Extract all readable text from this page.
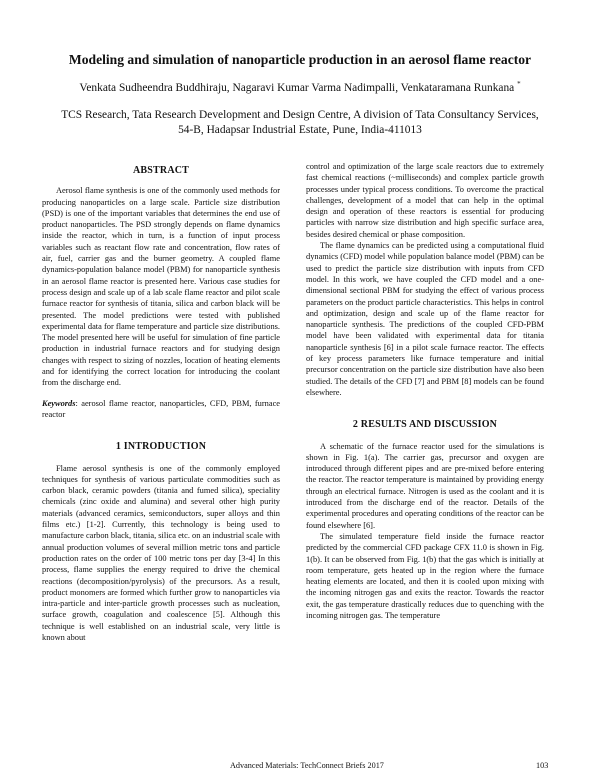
Modeling and simulation of nanoparticle production in an aerosol flame reactor
Venkata Sudheendra Buddhiraju, Nagaravi Kumar Varma Nadimpalli, Venkataramana Runkana *
TCS Research, Tata Research Development and Design Centre, A division of Tata Consultancy Services,
54-B, Hadapsar Industrial Estate, Pune, India-411013
ABSTRACT

Aerosol flame synthesis is one of the commonly used methods for producing nanoparticles on a large scale. Particle size distribution (PSD) is one of the important variables that determines the end use of product nanoparticles. The PSD strongly depends on flame dynamics inside the reactor, which in turn, is a function of input process variables such as reactant flow rate and concentration, flow rates of air, fuel, carrier gas and the burner geometry. A coupled flame dynamics-population balance model (PBM) for nanoparticle synthesis in an aerosol flame reactor is presented here. Various case studies for process design and scale up of a lab scale flame reactor and pilot scale furnace reactor for synthesis of titania, silica and carbon black will be presented. The model predictions were tested with published experimental data for flame temperature and particle size distributions. The model presented here will be useful for simulation of fine particle production in industrial furnace reactors and for studying design changes with respect to sizing of nozzles, location of heating elements and for identifying the correct location for introducing the coolant from the discharge end.

Keywords: aerosol flame reactor, nanoparticles, CFD, PBM, furnace reactor

1 INTRODUCTION

Flame aerosol synthesis is one of the commonly employed techniques for synthesis of various particulate commodities such as carbon black, ceramic powders (titania and fumed silica), speciality chemicals (zinc oxide and alumina) and several other high purity materials (advanced ceramics, semiconductors, super alloys and thin films etc.) [1-2]. Currently, this technology is being used to manufacture carbon black, titania, silica etc. on an industrial scale with annual production volumes of several million metric tons and particle production rates on the order of 100 metric tons per day [3-4] In this process, flame supplies the energy required to drive the chemical reactions (decomposition/pyrolysis) of the precursors. As a result, product monomers are formed which further grow to nanoparticles via intra-particle and inter-particle growth processes such as nucleation, surface growth, coagulation and coalescence [5]. Although this technique is well established on an industrial scale, very little is known about

control and optimization of the large scale reactors due to extremely fast chemical reactions (~milliseconds) and complex particle growth processes under typical process conditions. To overcome the practical challenges, development of a model that can help in the optimal design and operation of these reactors is essential for producing particles with narrow size distribution and high specific surface area, besides desired chemical or phase composition.

The flame dynamics can be predicted using a computational fluid dynamics (CFD) model while population balance model (PBM) can be used to predict the particle size distribution with inputs from CFD model. In this work, we have coupled the CFD model and a one-dimensional sectional PBM for studying the effect of various process parameters on the product particle characteristics. This helps in control and optimization, design and scale up of the flame reactor for nanoparticle synthesis. The predictions of the coupled CFD-PBM model have been validated with experimental data for titania nanoparticle synthesis [6] in a pilot scale furnace reactor. The effects of key process parameters like furnace temperature and initial precursor concentration on the particle size distribution have also been studied. The details of the CFD [7] and PBM [8] models can be found elsewhere.

2 RESULTS AND DISCUSSION

A schematic of the furnace reactor used for the simulations is shown in Fig. 1(a). The carrier gas, precursor and oxygen are introduced through different pipes and are pre-mixed before entering the reactor. The reactor temperature is maintained by providing energy through an electrical furnace. Nitrogen is used as the coolant and it is introduced from the discharge end of the reactor. Details of the experimental procedures and operating conditions of the reactor can be found elsewhere [6].

The simulated temperature field inside the furnace reactor predicted by the commercial CFD package CFX 11.0 is shown in Fig. 1(b). It can be observed from Fig. 1(b) that the gas which is initially at room temperature, gets heated up in the region where the furnace heating elements are located, and then it is cooled upon mixing with the incoming nitrogen gas and exits the reactor. Towards the reactor exit, the gas temperature drastically reduces due to quenching with the incoming nitrogen gas. The temperature

Advanced Materials: TechConnect Briefs 2017	103
